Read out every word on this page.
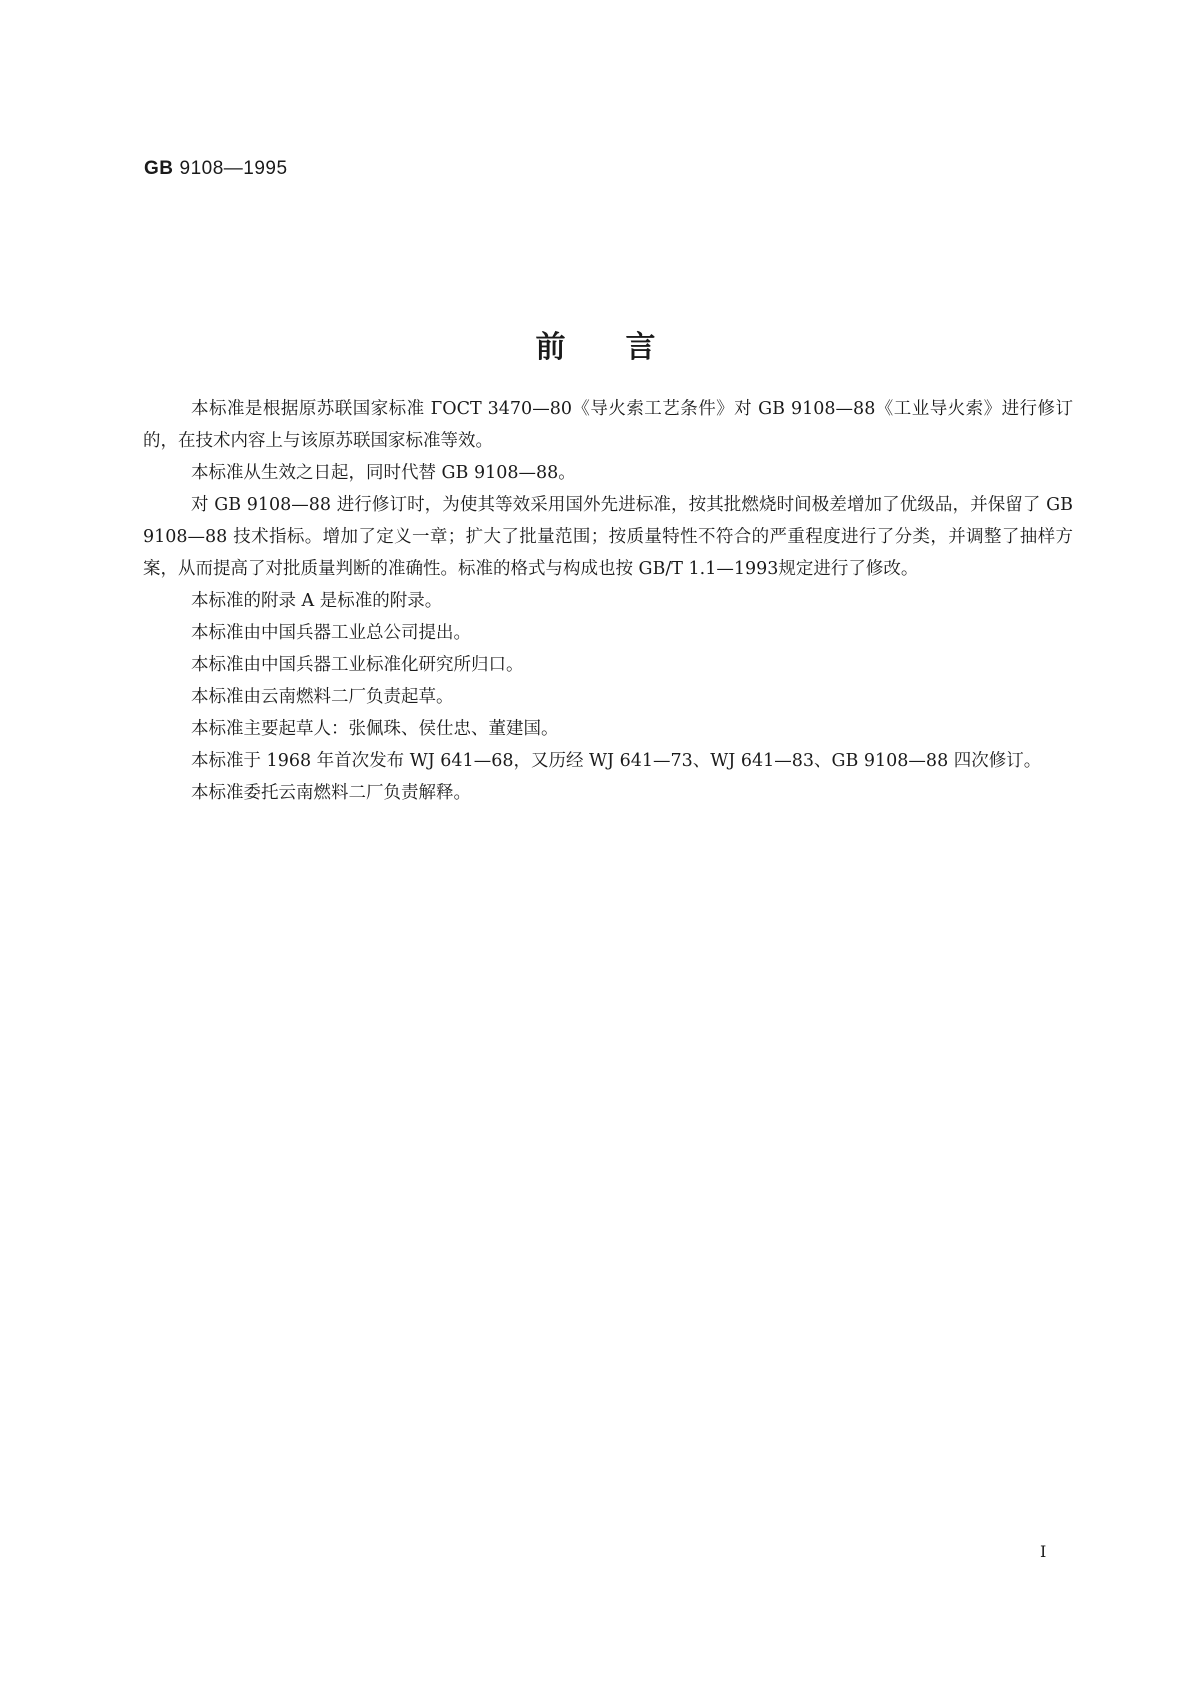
GB 9108—1995
前言

本标准是根据原苏联国家标准 ГОСТ 3470—80《导火索工艺条件》对 GB 9108—88《工业导火索》进行修订的，在技术内容上与该原苏联国家标准等效。

本标准从生效之日起，同时代替 GB 9108—88。

对 GB 9108—88 进行修订时，为使其等效采用国外先进标准，按其批燃烧时间极差增加了优级品，并保留了 GB 9108—88 技术指标。增加了定义一章；扩大了批量范围；按质量特性不符合的严重程度进行了分类，并调整了抽样方案，从而提高了对批质量判断的准确性。标准的格式与构成也按 GB/T 1.1—1993规定进行了修改。

本标准的附录 A 是标准的附录。

本标准由中国兵器工业总公司提出。

本标准由中国兵器工业标准化研究所归口。

本标准由云南燃料二厂负责起草。

本标准主要起草人：张佩珠、侯仕忠、董建国。

本标准于 1968 年首次发布 WJ 641—68，又历经 WJ 641—73、WJ 641—83、GB 9108—88 四次修订。

本标准委托云南燃料二厂负责解释。

I
